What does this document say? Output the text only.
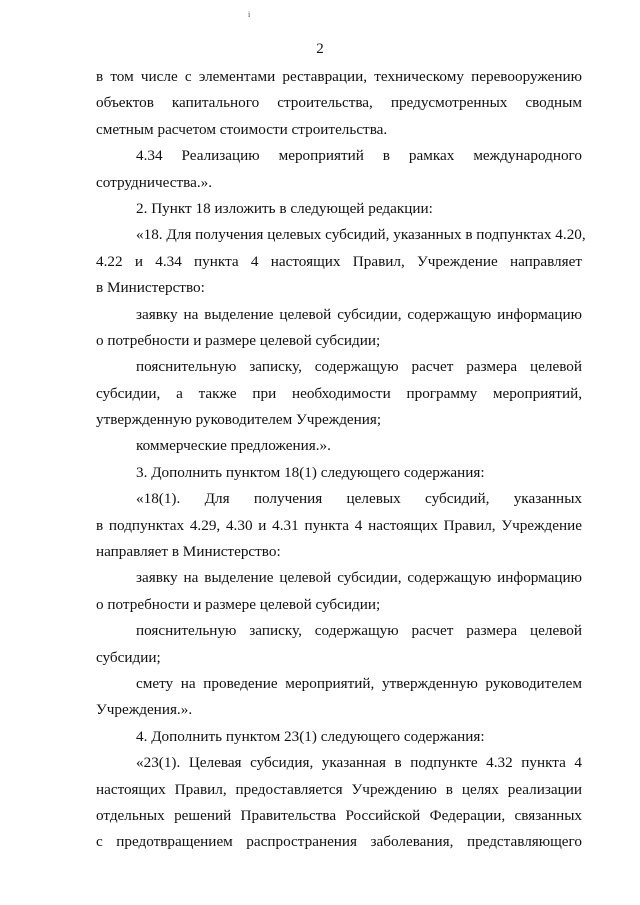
і
2
в том числе с элементами реставрации, техническому перевооружению
объектов капитального строительства, предусмотренных сводным
сметным расчетом стоимости строительства.
4.34 Реализацию мероприятий в рамках международного
сотрудничества.».
2. Пункт 18 изложить в следующей редакции:
«18. Для получения целевых субсидий, указанных в подпунктах 4.20,
4.22 и 4.34 пункта 4 настоящих Правил, Учреждение направляет
в Министерство:
заявку на выделение целевой субсидии, содержащую информацию
о потребности и размере целевой субсидии;
пояснительную записку, содержащую расчет размера целевой
субсидии, а также при необходимости программу мероприятий,
утвержденную руководителем Учреждения;
коммерческие предложения.».
3. Дополнить пунктом 18(1) следующего содержания:
«18(1). Для получения целевых субсидий, указанных
в подпунктах 4.29, 4.30 и 4.31 пункта 4 настоящих Правил, Учреждение
направляет в Министерство:
заявку на выделение целевой субсидии, содержащую информацию
о потребности и размере целевой субсидии;
пояснительную записку, содержащую расчет размера целевой
субсидии;
смету на проведение мероприятий, утвержденную руководителем
Учреждения.».
4. Дополнить пунктом 23(1) следующего содержания:
«23(1). Целевая субсидия, указанная в подпункте 4.32 пункта 4
настоящих Правил, предоставляется Учреждению в целях реализации
отдельных решений Правительства Российской Федерации, связанных
с предотвращением распространения заболевания, представляющего
